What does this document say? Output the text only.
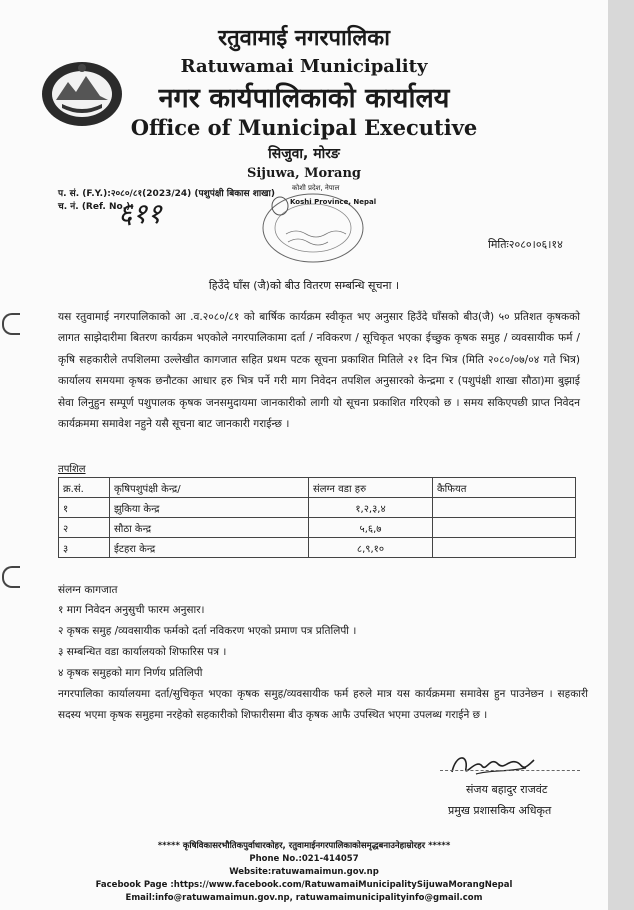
रतुवामाई नगरपालिका
Ratuwamai Municipality
नगर कार्यपालिकाको कार्यालय
Office of Municipal Executive
सिजुवा, मोरङ
Sijuwa, Morang
प. सं. (F.Y.):२०८०/८१(2023/24) (पशुपंक्षी बिकास शाखा)
च. नं. (Ref. No.):
६११
कोशी प्रदेश, नेपाल
Koshi Province, Nepal
मितिः२०८०।०६।१४
हिउँदे घाँस (जै)को बीउ वितरण सम्बन्धि सूचना ।
यस रतुवामाई नगरपालिकाको आ .व.२०८०/८१ को बार्षिक कार्यक्रम स्वीकृत भए अनुसार हिउँदे घाँसको बीउ(जै) ५० प्रतिशत कृषकको लागत साझेदारीमा बितरण कार्यक्रम भएकोले नगरपालिकामा दर्ता / नविकरण / सूचिकृत भएका ईच्छुक कृषक समुह / व्यवसायीक फर्म / कृषि सहकारीले तपशिलमा उल्लेखीत कागजात सहित प्रथम पटक सूचना प्रकाशित मितिले २१ दिन भित्र (मिति २०८०/०७/०४ गते भित्र) कार्यालय समयमा कृषक छनौटका आधार हरु भित्र पर्ने गरी माग निवेदन तपशिल अनुसारको केन्द्रमा र (पशुपंक्षी शाखा सौठा)मा बुझाई सेवा लिनुहुन सम्पूर्ण पशुपालक कृषक जनसमुदायमा जानकारीको लागी यो सूचना प्रकाशित गरिएको छ । समय सकिएपछी प्राप्त निवेदन कार्यक्रममा समावेश नहुने यसै सूचना बाट जानकारी गराईन्छ ।
तपशिल
क्र.सं.	कृषिपशुपंक्षी केन्द्र/	संलग्न वडा हरु	कैफियत
१	झुकिया केन्द्र	१,२,३,४	
२	सौठा केन्द्र	५,६,७	
३	ईटहरा केन्द्र	८,९,१०	
संलग्न कागजात
१ माग निवेदन अनुसुची फारम अनुसार।
२ कृषक समुह /व्यवसायीक फर्मको दर्ता नविकरण भएको प्रमाण पत्र प्रतिलिपी ।
३ सम्बन्धित वडा कार्यालयको शिफारिस पत्र ।
४ कृषक समुहको माग निर्णय प्रतिलिपी
नगरपालिका कार्यालयमा दर्ता/सुचिकृत भएका कृषक समुह/व्यवसायीक फर्म हरुले मात्र यस कार्यक्रममा समावेस हुन पाउनेछन । सहकारी सदस्य भएमा कृषक समुहमा नरहेको सहकारीको शिफारीसमा बीउ कृषक आफै उपस्थित भएमा उपलब्ध गराईने छ ।
संजय बहादुर राजवंट
प्रमुख प्रशासकिय अधिकृत
***** कृषिविकासरभौतिकपुर्वाधारकोहर, रतुवामाईनगरपालिकाकोसमृद्धबनाउनेहाम्रोरहर *****
Phone No.:021-414057
Website:ratuwamaimun.gov.np
Facebook Page :https://www.facebook.com/RatuwamaiMunicipalitySijuwaMorangNepal
Email:info@ratuwamaimun.gov.np, ratuwamaimunicipalityinfo@gmail.com
